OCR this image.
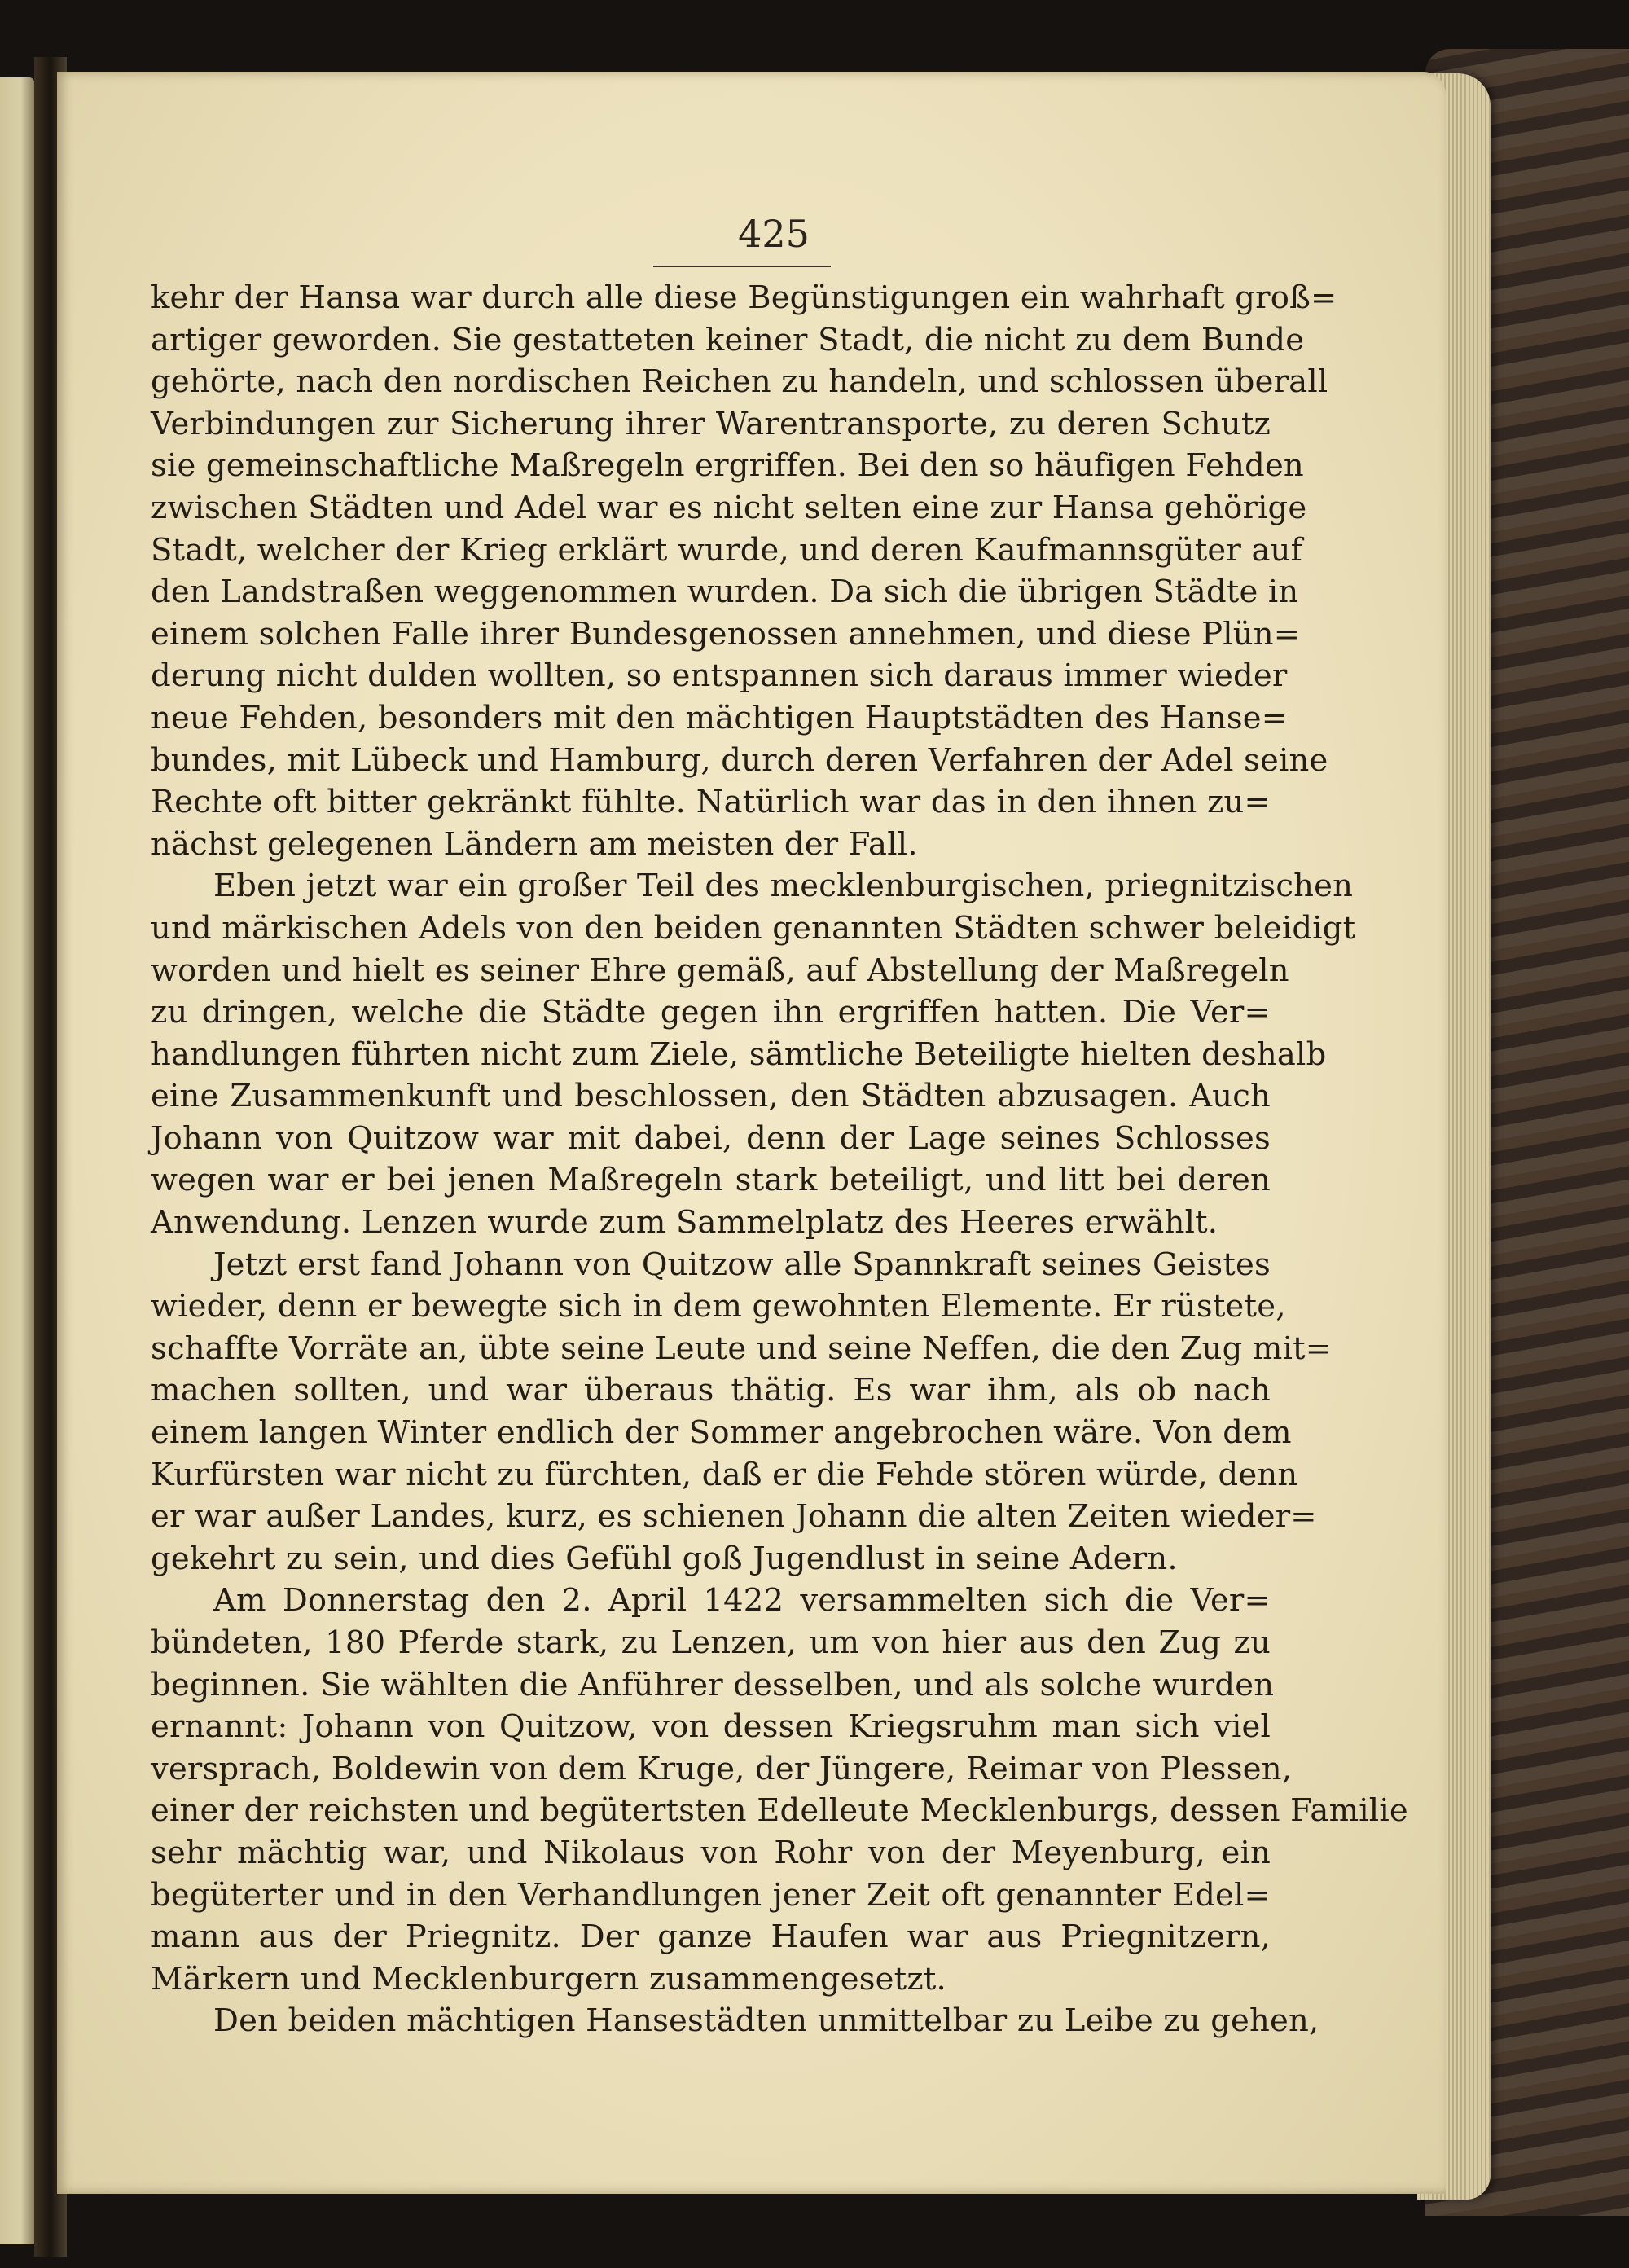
425
kehr der Hansa war durch alle diese Begünstigungen ein wahrhaft groß=
artiger geworden. Sie gestatteten keiner Stadt, die nicht zu dem Bunde
gehörte, nach den nordischen Reichen zu handeln, und schlossen überall
Verbindungen zur Sicherung ihrer Warentransporte, zu deren Schutz
sie gemeinschaftliche Maßregeln ergriffen. Bei den so häufigen Fehden
zwischen Städten und Adel war es nicht selten eine zur Hansa gehörige
Stadt, welcher der Krieg erklärt wurde, und deren Kaufmannsgüter auf
den Landstraßen weggenommen wurden. Da sich die übrigen Städte in
einem solchen Falle ihrer Bundesgenossen annehmen, und diese Plün=
derung nicht dulden wollten, so entspannen sich daraus immer wieder
neue Fehden, besonders mit den mächtigen Hauptstädten des Hanse=
bundes, mit Lübeck und Hamburg, durch deren Verfahren der Adel seine
Rechte oft bitter gekränkt fühlte. Natürlich war das in den ihnen zu=
nächst gelegenen Ländern am meisten der Fall.
Eben jetzt war ein großer Teil des mecklenburgischen, priegnitzischen
und märkischen Adels von den beiden genannten Städten schwer beleidigt
worden und hielt es seiner Ehre gemäß, auf Abstellung der Maßregeln
zu dringen, welche die Städte gegen ihn ergriffen hatten. Die Ver=
handlungen führten nicht zum Ziele, sämtliche Beteiligte hielten deshalb
eine Zusammenkunft und beschlossen, den Städten abzusagen. Auch
Johann von Quitzow war mit dabei, denn der Lage seines Schlosses
wegen war er bei jenen Maßregeln stark beteiligt, und litt bei deren
Anwendung. Lenzen wurde zum Sammelplatz des Heeres erwählt.
Jetzt erst fand Johann von Quitzow alle Spannkraft seines Geistes
wieder, denn er bewegte sich in dem gewohnten Elemente. Er rüstete,
schaffte Vorräte an, übte seine Leute und seine Neffen, die den Zug mit=
machen sollten, und war überaus thätig. Es war ihm, als ob nach
einem langen Winter endlich der Sommer angebrochen wäre. Von dem
Kurfürsten war nicht zu fürchten, daß er die Fehde stören würde, denn
er war außer Landes, kurz, es schienen Johann die alten Zeiten wieder=
gekehrt zu sein, und dies Gefühl goß Jugendlust in seine Adern.
Am Donnerstag den 2. April 1422 versammelten sich die Ver=
bündeten, 180 Pferde stark, zu Lenzen, um von hier aus den Zug zu
beginnen. Sie wählten die Anführer desselben, und als solche wurden
ernannt: Johann von Quitzow, von dessen Kriegsruhm man sich viel
versprach, Boldewin von dem Kruge, der Jüngere, Reimar von Plessen,
einer der reichsten und begütertsten Edelleute Mecklenburgs, dessen Familie
sehr mächtig war, und Nikolaus von Rohr von der Meyenburg, ein
begüterter und in den Verhandlungen jener Zeit oft genannter Edel=
mann aus der Priegnitz. Der ganze Haufen war aus Priegnitzern,
Märkern und Mecklenburgern zusammengesetzt.
Den beiden mächtigen Hansestädten unmittelbar zu Leibe zu gehen,
